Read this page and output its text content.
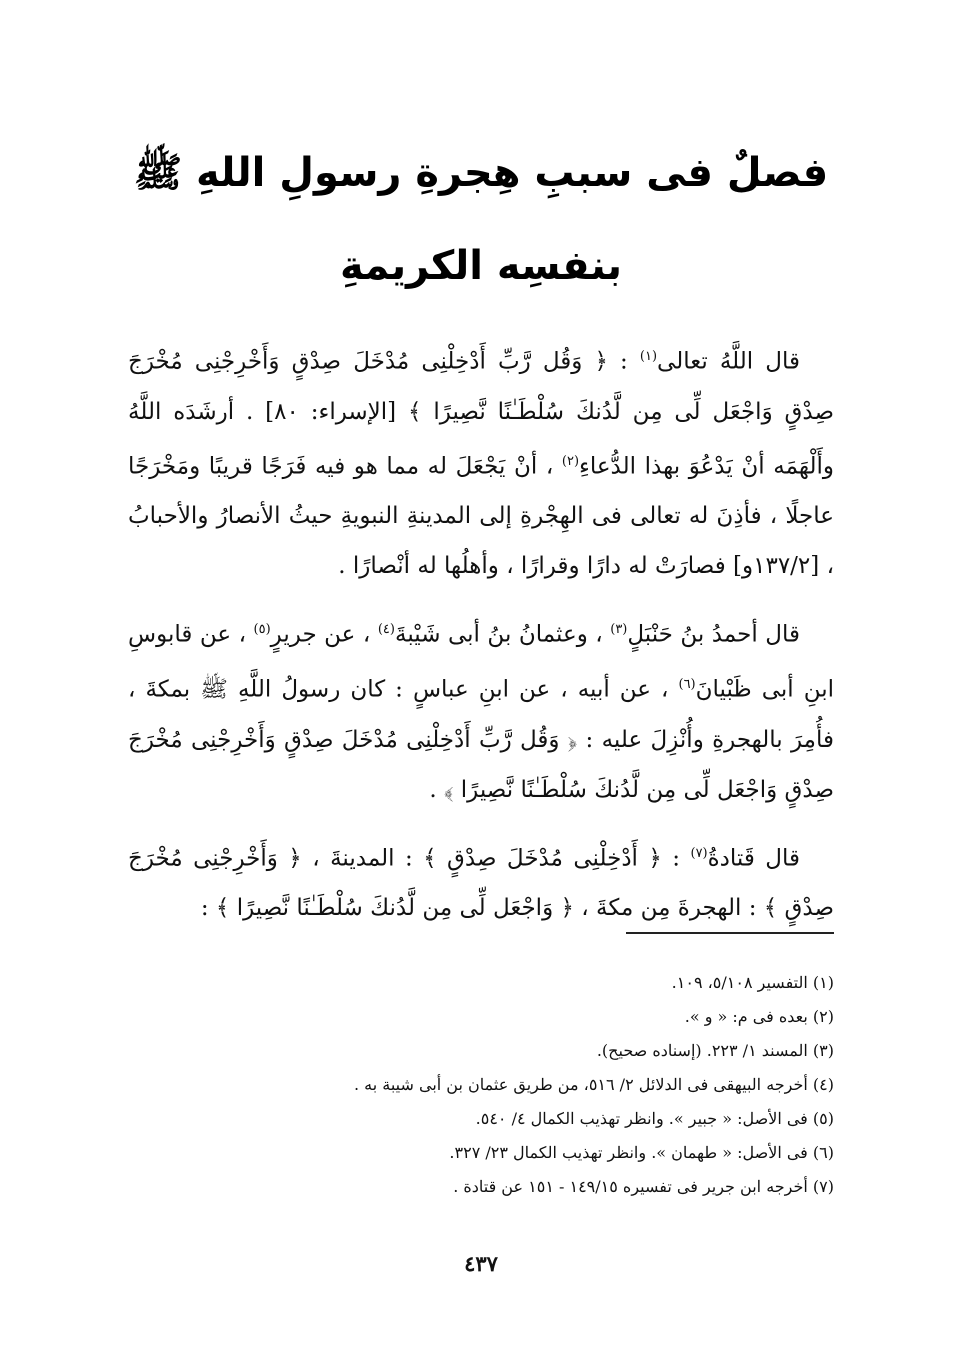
فصلٌ فى سببِ هِجرةِ رسولِ اللهِ ﷺ
بنفسِه الكريمةِ

قال اللَّهُ تعالى$^{(١)}$ : ﴿ وَقُل رَّبِّ أَدْخِلْنِى مُدْخَلَ صِدْقٍ وَأَخْرِجْنِى مُخْرَجَ صِدْقٍ وَاجْعَل لِّى مِن لَّدُنكَ سُلْطَـٰنًا نَّصِيرًا ﴾ [الإسراء: ٨٠] . أرشَدَه اللَّهُ وأَلْهَمَه أنْ يَدْعُوَ بهذا الدُّعاءِ$^{(٢)}$ ، أنْ يَجْعَلَ له مما هو فيه فَرَجًا قريبًا ومَخْرَجًا عاجلًا ، فأذِنَ له تعالى فى الهِجْرةِ إلى المدينةِ النبويةِ حيثُ الأنصارُ والأحبابُ ، [١٣٧/٢و] فصارَتْ له دارًا وقرارًا ، وأهلُها له أنْصارًا .

قال أحمدُ بنُ حَنْبَلٍ$^{(٣)}$ ، وعثمانُ بنُ أبى شَيْبةَ$^{(٤)}$ ، عن جريرٍ$^{(٥)}$ ، عن قابوسِ ابنِ أبى ظَبْيانَ$^{(٦)}$ ، عن أبيه ، عن ابنِ عباسٍ : كان رسولُ اللَّهِ ﷺ بمكةَ ، فأُمِرَ بالهجرةِ وأُنْزِلَ عليه : ﴿ وَقُل رَّبِّ أَدْخِلْنِى مُدْخَلَ صِدْقٍ وَأَخْرِجْنِى مُخْرَجَ صِدْقٍ وَاجْعَل لِّى مِن لَّدُنكَ سُلْطَـٰنًا نَّصِيرًا ﴾ .

قال قَتادةُ$^{(٧)}$ : ﴿ أَدْخِلْنِى مُدْخَلَ صِدْقٍ ﴾ : المدينةَ ، ﴿ وَأَخْرِجْنِى مُخْرَجَ صِدْقٍ ﴾ : الهجرةَ مِن مكةَ ، ﴿ وَاجْعَل لِّى مِن لَّدُنكَ سُلْطَـٰنًا نَّصِيرًا ﴾ :

(١) التفسير ٥/١٠٨، ١٠٩.
(٢) بعده فى م: « و ».
(٣) المسند ١/ ٢٢٣. (إسناده صحيح).
(٤) أخرجه البيهقى فى الدلائل ٢/ ٥١٦، من طريق عثمان بن أبى شيبة به .
(٥) فى الأصل: « جبير ». وانظر تهذيب الكمال ٤/ ٥٤٠.
(٦) فى الأصل: « طهمان ». وانظر تهذيب الكمال ٢٣/ ٣٢٧.
(٧) أخرجه ابن جرير فى تفسيره ١٤٩/١٥ - ١٥١ عن قتادة .
٤٣٧
